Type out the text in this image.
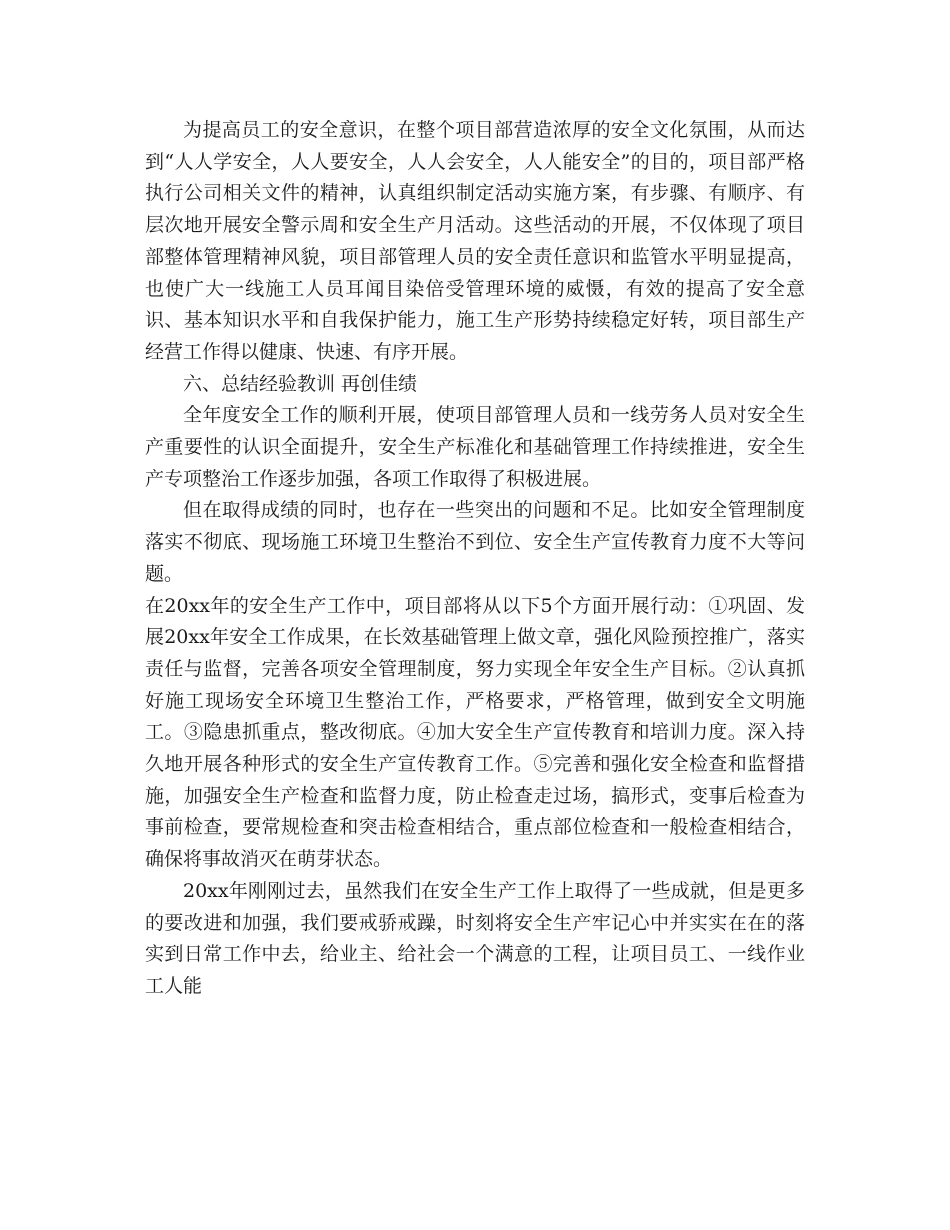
为提高员工的安全意识，在整个项目部营造浓厚的安全文化氛围，从而达到“人人学安全，人人要安全，人人会安全，人人能安全”的目的，项目部严格执行公司相关文件的精神，认真组织制定活动实施方案，有步骤、有顺序、有层次地开展安全警示周和安全生产月活动。这些活动的开展，不仅体现了项目部整体管理精神风貌，项目部管理人员的安全责任意识和监管水平明显提高，也使广大一线施工人员耳闻目染倍受管理环境的威慑，有效的提高了安全意识、基本知识水平和自我保护能力，施工生产形势持续稳定好转，项目部生产经营工作得以健康、快速、有序开展。

六、总结经验教训 再创佳绩

全年度安全工作的顺利开展，使项目部管理人员和一线劳务人员对安全生产重要性的认识全面提升，安全生产标准化和基础管理工作持续推进，安全生产专项整治工作逐步加强，各项工作取得了积极进展。

但在取得成绩的同时，也存在一些突出的问题和不足。比如安全管理制度落实不彻底、现场施工环境卫生整治不到位、安全生产宣传教育力度不大等问题。

在20xx年的安全生产工作中，项目部将从以下5个方面开展行动：①巩固、发展20xx年安全工作成果，在长效基础管理上做文章，强化风险预控推广，落实责任与监督，完善各项安全管理制度，努力实现全年安全生产目标。②认真抓好施工现场安全环境卫生整治工作，严格要求，严格管理，做到安全文明施工。③隐患抓重点，整改彻底。④加大安全生产宣传教育和培训力度。深入持久地开展各种形式的安全生产宣传教育工作。⑤完善和强化安全检查和监督措施，加强安全生产检查和监督力度，防止检查走过场，搞形式，变事后检查为事前检查，要常规检查和突击检查相结合，重点部位检查和一般检查相结合，确保将事故消灭在萌芽状态。

20xx年刚刚过去，虽然我们在安全生产工作上取得了一些成就，但是更多的要改进和加强，我们要戒骄戒躁，时刻将安全生产牢记心中并实实在在的落实到日常工作中去，给业主、给社会一个满意的工程，让项目员工、一线作业工人能
